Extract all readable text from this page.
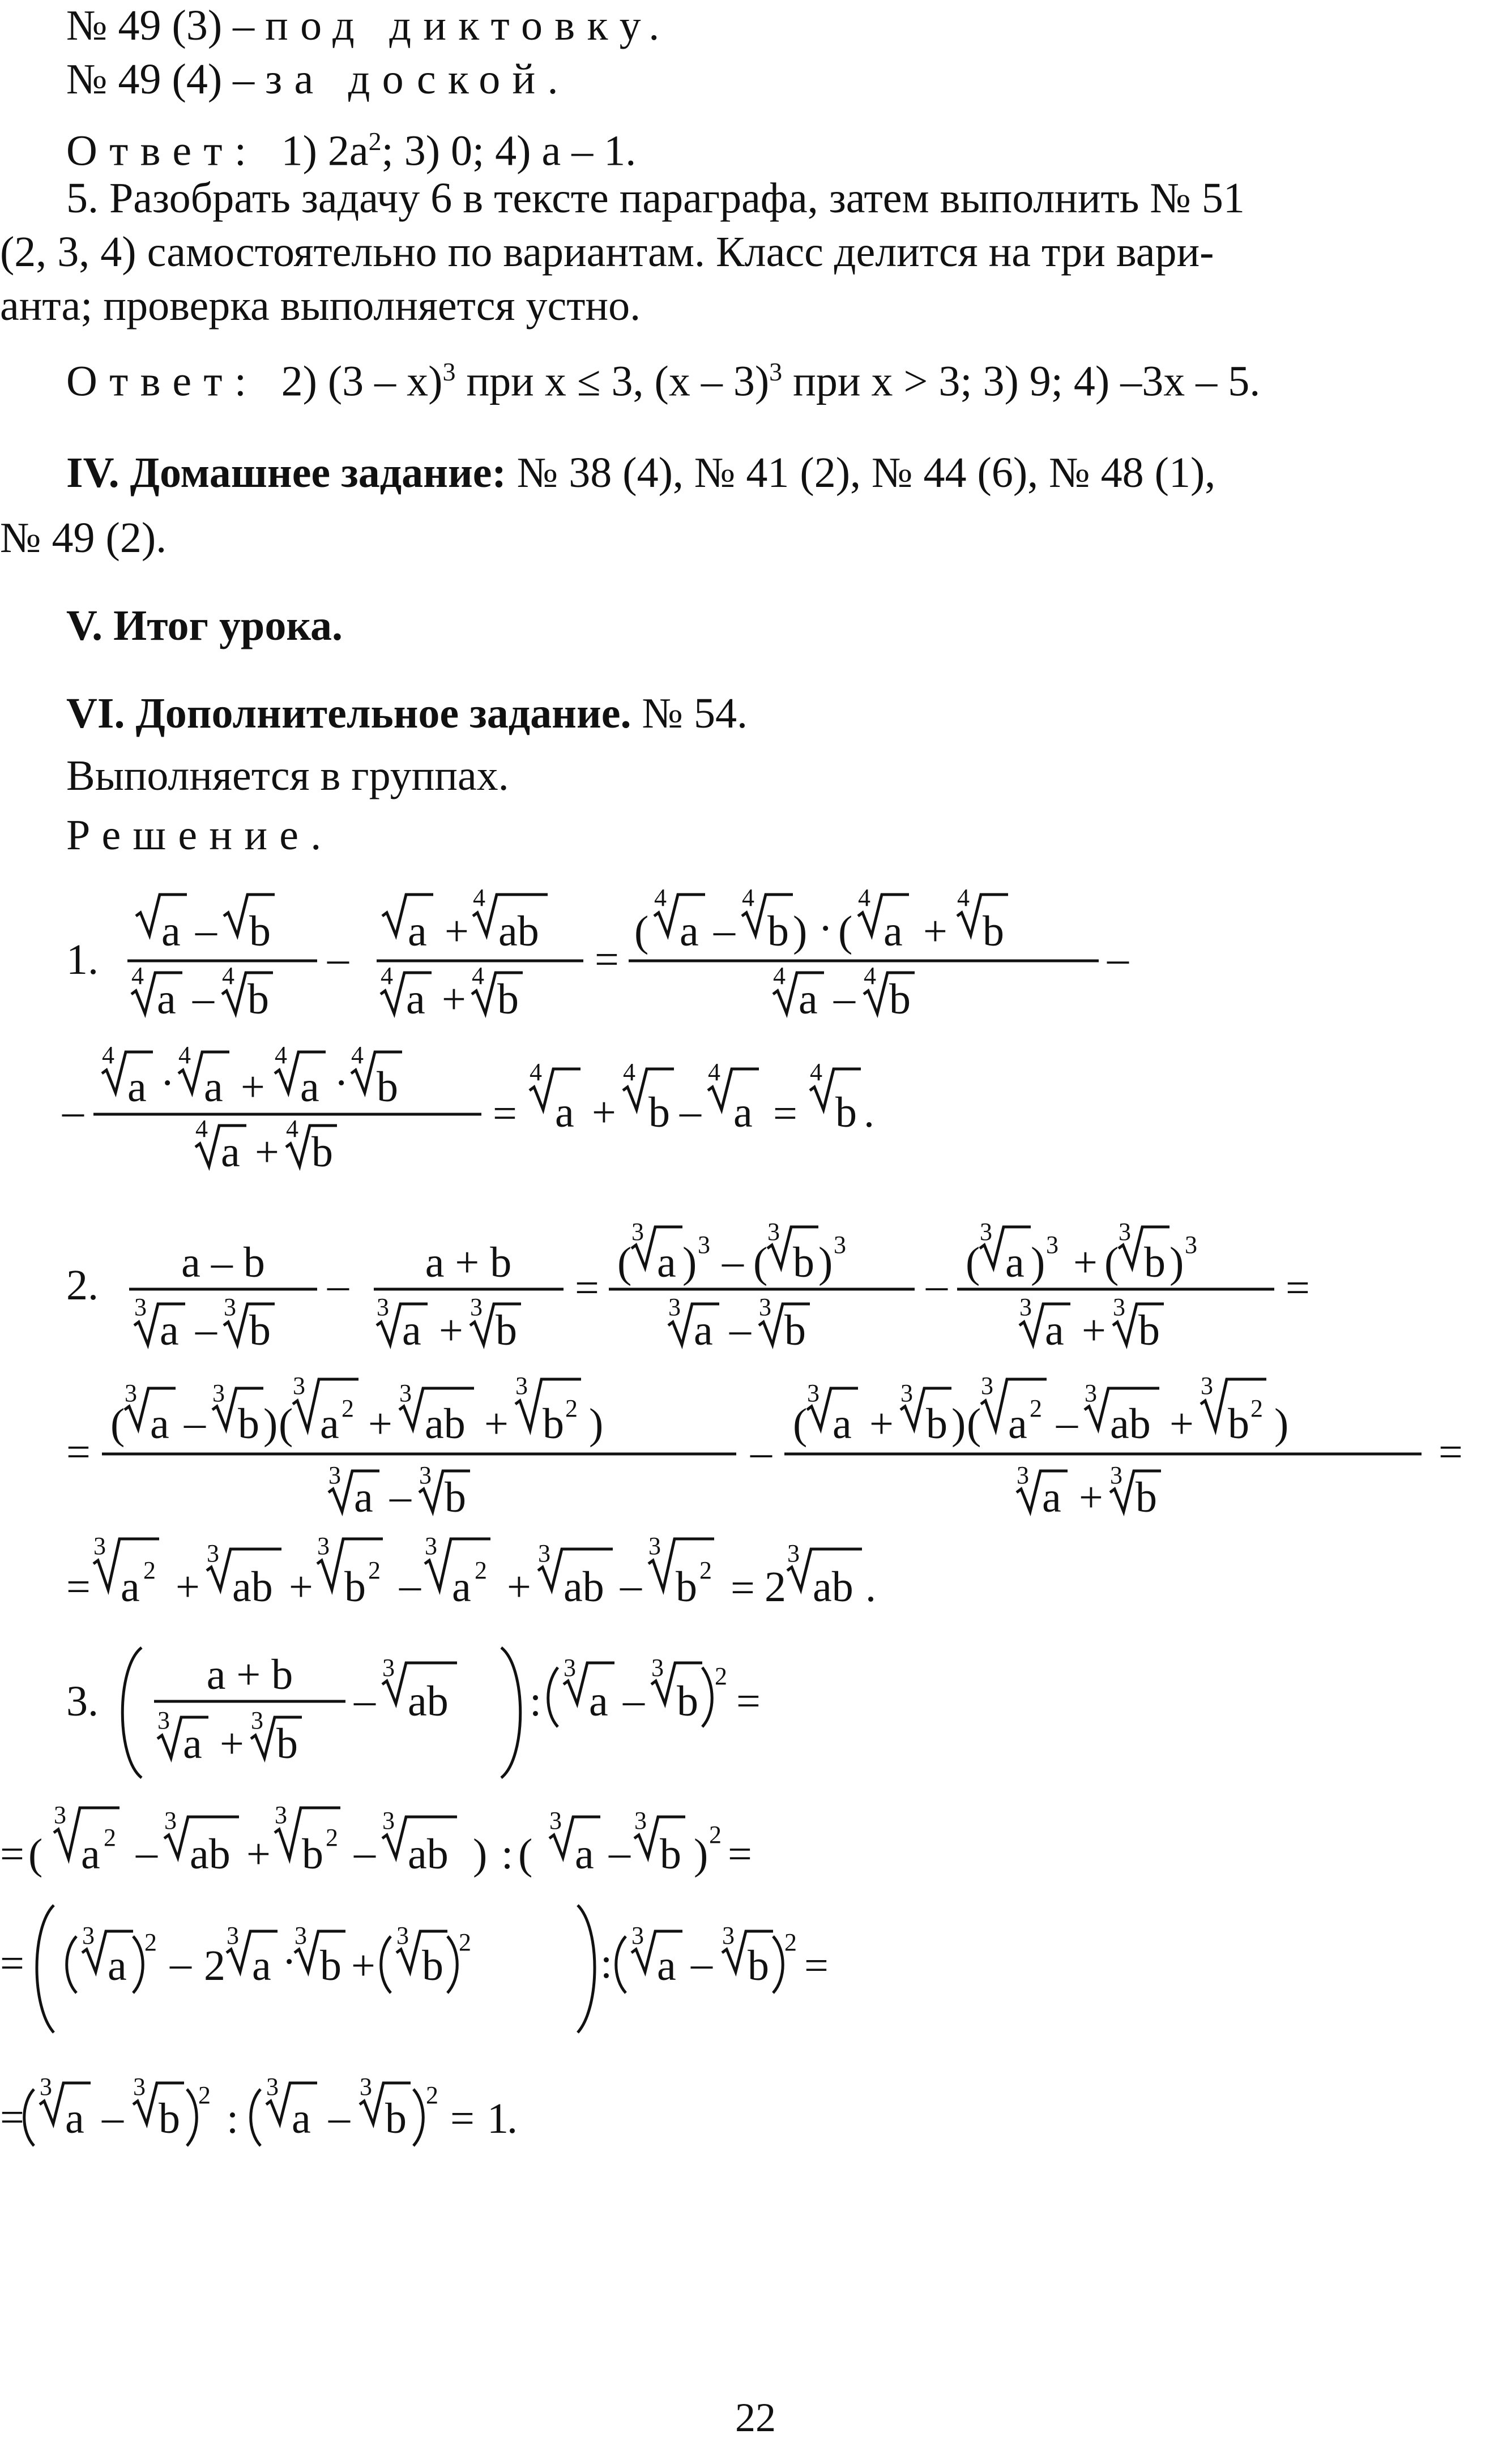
№ 49 (3) – под диктовку.
№ 49 (4) – за доской.
Ответ: 1) $2a^2$; 3) 0; 4) a – 1.
5. Разобрать задачу 6 в тексте параграфа, затем выполнить № 51
(2, 3, 4) самостоятельно по вариантам. Класс делится на три вари-
анта; проверка выполняется устно.
Ответ: 2) (3 – x)$^3$ при x ≤ 3, (x – 3)$^3$ при x > 3; 3) 9; 4) –3x – 5.
IV. Домашнее задание: № 38 (4), № 41 (2), № 44 (6), № 48 (1),
№ 49 (2).
V. Итог урока.
VI. Дополнительное задание. № 54.
Выполняется в группах.
Решение.
1.
a – b
4 a – 4 b
–
a +
4
ab
4 a + 4 b
=
(
4
a –
4
b ) · (
4
a +
4
b
4 a – 4 b
–
–
4
a ·
4
a +
4
a ·
4
b
4 a + 4 b
=
4
a +
4
b –
4
a =
4
b .
2. a – b
3 a – 3 b
– a + b
3 a + 3 b
=
(
3
a ) 3 – (
3
b ) 3
3 a – 3 b
– (
3
a ) 3 + (
3
b ) 3
3 a + 3 b
=
=
(
3
a –
3
b ) (
3
a 2 +
3
ab +
3
b 2 )
3 a – 3 b
–
(
3
a +
3
b ) (
3
a 2 –
3
ab +
3
b 2 )
3 a + 3 b
=
=
3
a 2 +
3
ab +
3
b 2 –
3
a 2 +
3
ab –
3
b 2 = 2
3
ab .
3.
a + b
3 a + 3 b
–
3
ab :
3
a –
3
b
2
=
= (
3
a 2 –
3
ab +
3
b 2 –
3
ab ) : (
3
a –
3
b ) 2 =
=
3
a 2 – 2
3
a ·
3
b +
3
b 2	:
3
a –
3
b 2 =
=
3
a –
3
b 2 :
3
a –
3
b 2 = 1
.
22
